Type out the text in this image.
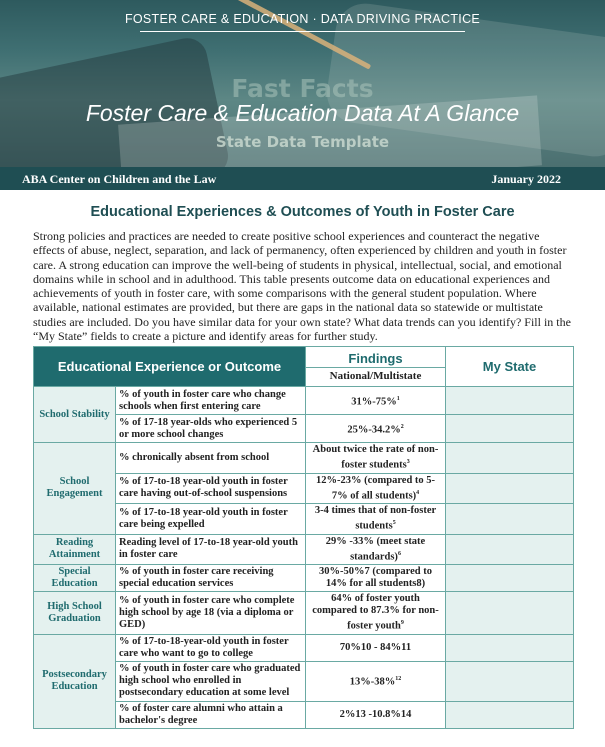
FOSTER CARE & EDUCATION · DATA DRIVING PRACTICE
Fast Facts
Foster Care & Education Data At A Glance
State Data Template
ABA Center on Children and the Law	January 2022
Educational Experiences & Outcomes of Youth in Foster Care
Strong policies and practices are needed to create positive school experiences and counteract the negative effects of abuse, neglect, separation, and lack of permanency, often experienced by children and youth in foster care. A strong education can improve the well-being of students in physical, intellectual, social, and emotional domains while in school and in adulthood. This table presents outcome data on educational experiences and achievements of youth in foster care, with some comparisons with the general student population. Where available, national estimates are provided, but there are gaps in the national data so statewide or multistate studies are included. Do you have similar data for your own state? What data trends can you identify? Fill in the “My State” fields to create a picture and identify areas for further study.
Educational Experience or Outcome		Findings
National/Multistate	My State
School Stability	% of youth in foster care who change schools when first entering care	31%-75%$^1$	
	% of 17-18 year-olds who experienced 5 or more school changes	25%-34.2%$^2$	
School Engagement	% chronically absent from school	About twice the rate of non-foster students$^3$	
	% of 17-to-18 year-old youth in foster care having out-of-school suspensions	12%-23% (compared to 5-7% of all students)$^4$	
	% of 17-to-18 year-old youth in foster care being expelled	3-4 times that of non-foster students$^5$	
Reading Attainment	Reading level of 17-to-18 year-old youth in foster care	29% -33% (meet state standards)$^6$	
Special Education	% of youth in foster care receiving special education services	30%-50%7 (compared to 14% for all students8)	
High School Graduation	% of youth in foster care who complete high school by age 18 (via a diploma or GED)	64% of foster youth compared to 87.3% for non-foster youth$^9$	
Postsecondary Education	% of 17-to-18-year-old youth in foster care who want to go to college	70%10 - 84%11	
	% of youth in foster care who graduated high school who enrolled in postsecondary education at some level	13%-38%$^{12}$	
	% of foster care alumni who attain a bachelor's degree	2%13 -10.8%14	
